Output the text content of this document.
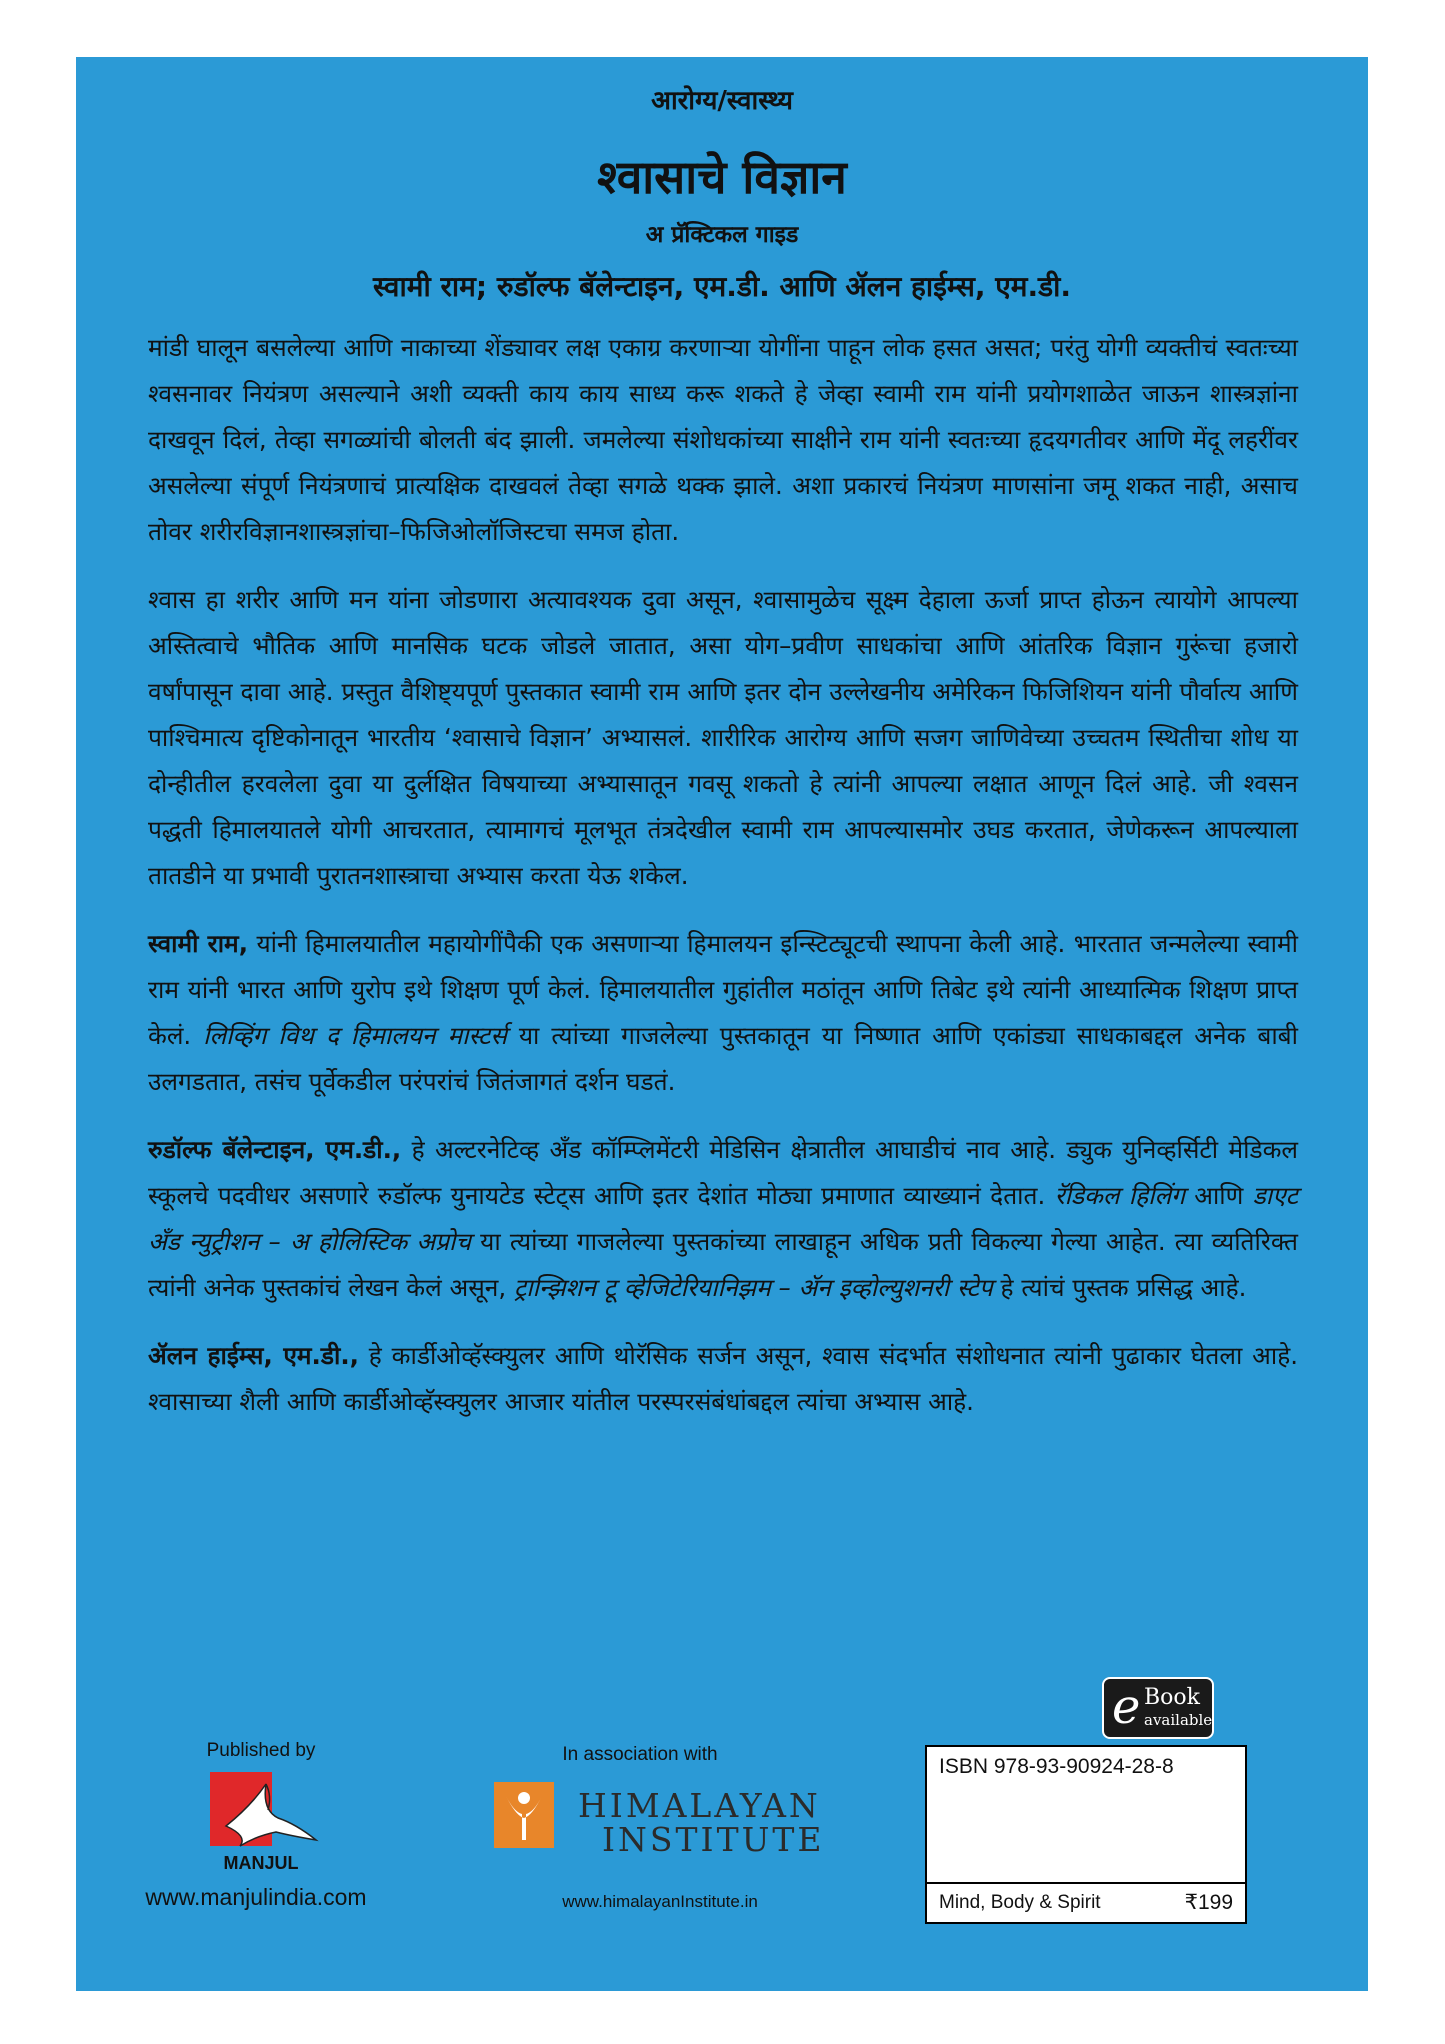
आरोग्य/स्वास्थ्य
श्वासाचे विज्ञान
अ प्रॅक्टिकल गाइड
स्वामी राम; रुडॉल्फ बॅलेन्टाइन, एम.डी. आणि ॲलन हाईम्स, एम.डी.

मांडी घालून बसलेल्या आणि नाकाच्या शेंड्यावर लक्ष एकाग्र करणाऱ्या योगींना पाहून लोक हसत असत; परंतु योगी व्यक्तीचं स्वतःच्या श्वसनावर नियंत्रण असल्याने अशी व्यक्ती काय काय साध्य करू शकते हे जेव्हा स्वामी राम यांनी प्रयोगशाळेत जाऊन शास्त्रज्ञांना दाखवून दिलं, तेव्हा सगळ्यांची बोलती बंद झाली. जमलेल्या संशोधकांच्या साक्षीने राम यांनी स्वतःच्या हृदयगतीवर आणि मेंदू लहरींवर असलेल्या संपूर्ण नियंत्रणाचं प्रात्यक्षिक दाखवलं तेव्हा सगळे थक्क झाले. अशा प्रकारचं नियंत्रण माणसांना जमू शकत नाही, असाच तोवर शरीरविज्ञानशास्त्रज्ञांचा–फिजिओलॉजिस्टचा समज होता.

श्वास हा शरीर आणि मन यांना जोडणारा अत्यावश्यक दुवा असून, श्वासामुळेच सूक्ष्म देहाला ऊर्जा प्राप्त होऊन त्यायोगे आपल्या अस्तित्वाचे भौतिक आणि मानसिक घटक जोडले जातात, असा योग–प्रवीण साधकांचा आणि आंतरिक विज्ञान गुरूंचा हजारो वर्षांपासून दावा आहे. प्रस्तुत वैशिष्ट्यपूर्ण पुस्तकात स्वामी राम आणि इतर दोन उल्लेखनीय अमेरिकन फिजिशियन यांनी पौर्वात्य आणि पाश्चिमात्य दृष्टिकोनातून भारतीय ‘श्वासाचे विज्ञान’ अभ्यासलं. शारीरिक आरोग्य आणि सजग जाणिवेच्या उच्चतम स्थितीचा शोध या दोन्हीतील हरवलेला दुवा या दुर्लक्षित विषयाच्या अभ्यासातून गवसू शकतो हे त्यांनी आपल्या लक्षात आणून दिलं आहे. जी श्वसन पद्धती हिमालयातले योगी आचरतात, त्यामागचं मूलभूत तंत्रदेखील स्वामी राम आपल्यासमोर उघड करतात, जेणेकरून आपल्याला तातडीने या प्रभावी पुरातनशास्त्राचा अभ्यास करता येऊ शकेल.

स्वामी राम, यांनी हिमालयातील महायोगींपैकी एक असणाऱ्या हिमालयन इन्स्टिट्यूटची स्थापना केली आहे. भारतात जन्मलेल्या स्वामी राम यांनी भारत आणि युरोप इथे शिक्षण पूर्ण केलं. हिमालयातील गुहांतील मठांतून आणि तिबेट इथे त्यांनी आध्यात्मिक शिक्षण प्राप्त केलं. लिव्हिंग विथ द हिमालयन मास्टर्स या त्यांच्या गाजलेल्या पुस्तकातून या निष्णात आणि एकांड्या साधकाबद्दल अनेक बाबी उलगडतात, तसंच पूर्वेकडील परंपरांचं जितंजागतं दर्शन घडतं.

रुडॉल्फ बॅलेन्टाइन, एम.डी., हे अल्टरनेटिव्ह अँड कॉम्प्लिमेंटरी मेडिसिन क्षेत्रातील आघाडीचं नाव आहे. ड्युक युनिव्हर्सिटी मेडिकल स्कूलचे पदवीधर असणारे रुडॉल्फ युनायटेड स्टेट्स आणि इतर देशांत मोठ्या प्रमाणात व्याख्यानं देतात. रॅडिकल हिलिंग आणि डाएट अँड न्युट्रीशन – अ होलिस्टिक अप्रोच या त्यांच्या गाजलेल्या पुस्तकांच्या लाखाहून अधिक प्रती विकल्या गेल्या आहेत. त्या व्यतिरिक्त त्यांनी अनेक पुस्तकांचं लेखन केलं असून, ट्रान्झिशन टू व्हेजिटेरियानिझम – ॲन इव्होल्युशनरी स्टेप हे त्यांचं पुस्तक प्रसिद्ध आहे.

ॲलन हाईम्स, एम.डी., हे कार्डीओव्हॅस्क्युलर आणि थोरॅसिक सर्जन असून, श्वास संदर्भात संशोधनात त्यांनी पुढाकार घेतला आहे. श्वासाच्या शैली आणि कार्डीओव्हॅस्क्युलर आजार यांतील परस्परसंबंधांबद्दल त्यांचा अभ्यास आहे.

e Book
available
Published by
MANJUL
www.manjulindia.com
In association with
HIMALAYAN
INSTITUTE
www.himalayanInstitute.in
ISBN 978-93-90924-28-8
Mind, Body & Spirit	₹199
